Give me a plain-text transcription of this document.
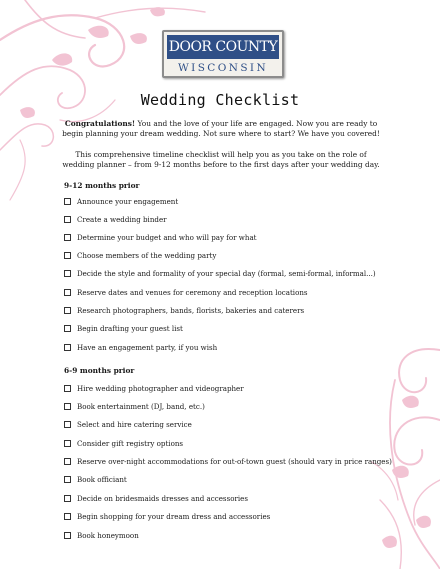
DOOR COUNTY
WISCONSIN
Wedding Checklist
Congratulations! You and the love of your life are engaged. Now you are ready to begin planning your dream wedding. Not sure where to start? We have you covered!
This comprehensive timeline checklist will help you as you take on the role of wedding planner – from 9-12 months before to the first days after your wedding day.
9-12 months prior
Announce your engagement
Create a wedding binder
Determine your budget and who will pay for what
Choose members of the wedding party
Decide the style and formality of your special day (formal, semi-formal, informal...)
Reserve dates and venues for ceremony and reception locations
Research photographers, bands, florists, bakeries and caterers
Begin drafting your guest list
Have an engagement party, if you wish
6-9 months prior
Hire wedding photographer and videographer
Book entertainment (DJ, band, etc.)
Select and hire catering service
Consider gift registry options
Reserve over-night accommodations for out-of-town guest (should vary in price ranges)
Book officiant
Decide on bridesmaids dresses and accessories
Begin shopping for your dream dress and accessories
Book honeymoon
